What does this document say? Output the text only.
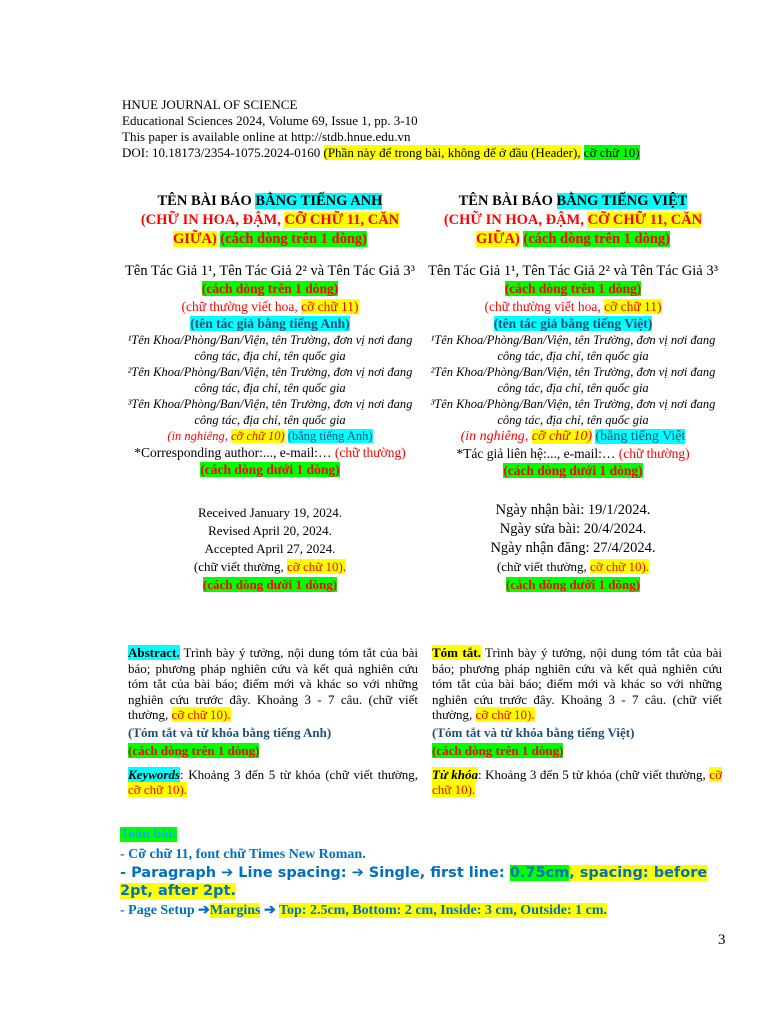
HNUE JOURNAL OF SCIENCE
Educational Sciences 2024, Volume 69, Issue 1, pp. 3-10
This paper is available online at http://stdb.hnue.edu.vn
DOI: 10.18173/2354-1075.2024-0160 (Phần này để trong bài, không để ở đầu (Header), cỡ chữ 10)
TÊN BÀI BÁO BẰNG TIẾNG ANH
(CHỮ IN HOA, ĐẬM, CỠ CHỮ 11, CĂN GIỮA) (cách dòng trên 1 dòng)
Tên Tác Giả 1¹, Tên Tác Giả 2² và Tên Tác Giả 3³ (cách dòng trên 1 dòng)
(chữ thường viết hoa, cỡ chữ 11)
(tên tác giả bằng tiếng Anh)
¹Tên Khoa/Phòng/Ban/Viện, tên Trường, đơn vị nơi đang công tác, địa chỉ, tên quốc gia
²Tên Khoa/Phòng/Ban/Viện, tên Trường, đơn vị nơi đang công tác, địa chỉ, tên quốc gia
³Tên Khoa/Phòng/Ban/Viện, tên Trường, đơn vị nơi đang công tác, địa chỉ, tên quốc gia
(in nghiêng, cỡ chữ 10) (bằng tiếng Anh)
*Corresponding author:..., e-mail:… (chữ thường)
(cách dòng dưới 1 dòng)
Received January 19, 2024.
Revised April 20, 2024.
Accepted April 27, 2024.
(chữ viết thường, cỡ chữ 10).
(cách dòng dưới 1 dòng)
TÊN BÀI BÁO BẰNG TIẾNG VIỆT
(CHỮ IN HOA, ĐẬM, CỠ CHỮ 11, CĂN GIỮA) (cách dòng trên 1 dòng)
Tên Tác Giả 1¹, Tên Tác Giả 2² và Tên Tác Giả 3³ (cách dòng trên 1 dòng)
(chữ thường viết hoa, cỡ chữ 11)
(tên tác giả bằng tiếng Việt)
¹Tên Khoa/Phòng/Ban/Viện, tên Trường, đơn vị nơi đang công tác, địa chỉ, tên quốc gia
²Tên Khoa/Phòng/Ban/Viện, tên Trường, đơn vị nơi đang công tác, địa chỉ, tên quốc gia
³Tên Khoa/Phòng/Ban/Viện, tên Trường, đơn vị nơi đang công tác, địa chỉ, tên quốc gia
(in nghiêng, cỡ chữ 10) (bằng tiếng Việt
*Tác giả liên hệ:..., e-mail:… (chữ thường)
(cách dòng dưới 1 dòng)
Ngày nhận bài: 19/1/2024.
Ngày sửa bài: 20/4/2024.
Ngày nhận đăng: 27/4/2024.
(chữ viết thường, cỡ chữ 10).
(cách dòng dưới 1 dòng)

Abstract. Trình bày ý tưởng, nội dung tóm tắt của bài báo; phương pháp nghiên cứu và kết quả nghiên cứu tóm tắt của bài báo; điểm mới và khác so với những nghiên cứu trước đây. Khoảng 3 - 7 câu. (chữ viết thường, cỡ chữ 10).

(Tóm tắt và từ khóa bằng tiếng Anh)

(cách dòng trên 1 dòng)

Keywords: Khoảng 3 đến 5 từ khóa (chữ viết thường, cỡ chữ 10).

Tóm tắt. Trình bày ý tưởng, nội dung tóm tắt của bài báo; phương pháp nghiên cứu và kết quả nghiên cứu tóm tắt của bài báo; điểm mới và khác so với những nghiên cứu trước đây. Khoảng 3 - 7 câu. (chữ viết thường, cỡ chữ 10).

(Tóm tắt và từ khóa bằng tiếng Việt)

(cách dòng trên 1 dòng)

Từ khóa: Khoảng 3 đến 5 từ khóa (chữ viết thường, cỡ chữ 10).

Toàn bài:
- Cỡ chữ 11, font chữ Times New Roman.
- Paragraph ➔ Line spacing: ➔ Single, first line: 0.75cm, spacing: before 2pt, after 2pt.
- Page Setup ➔Margins ➔ Top: 2.5cm, Bottom: 2 cm, Inside: 3 cm, Outside: 1 cm.
3
